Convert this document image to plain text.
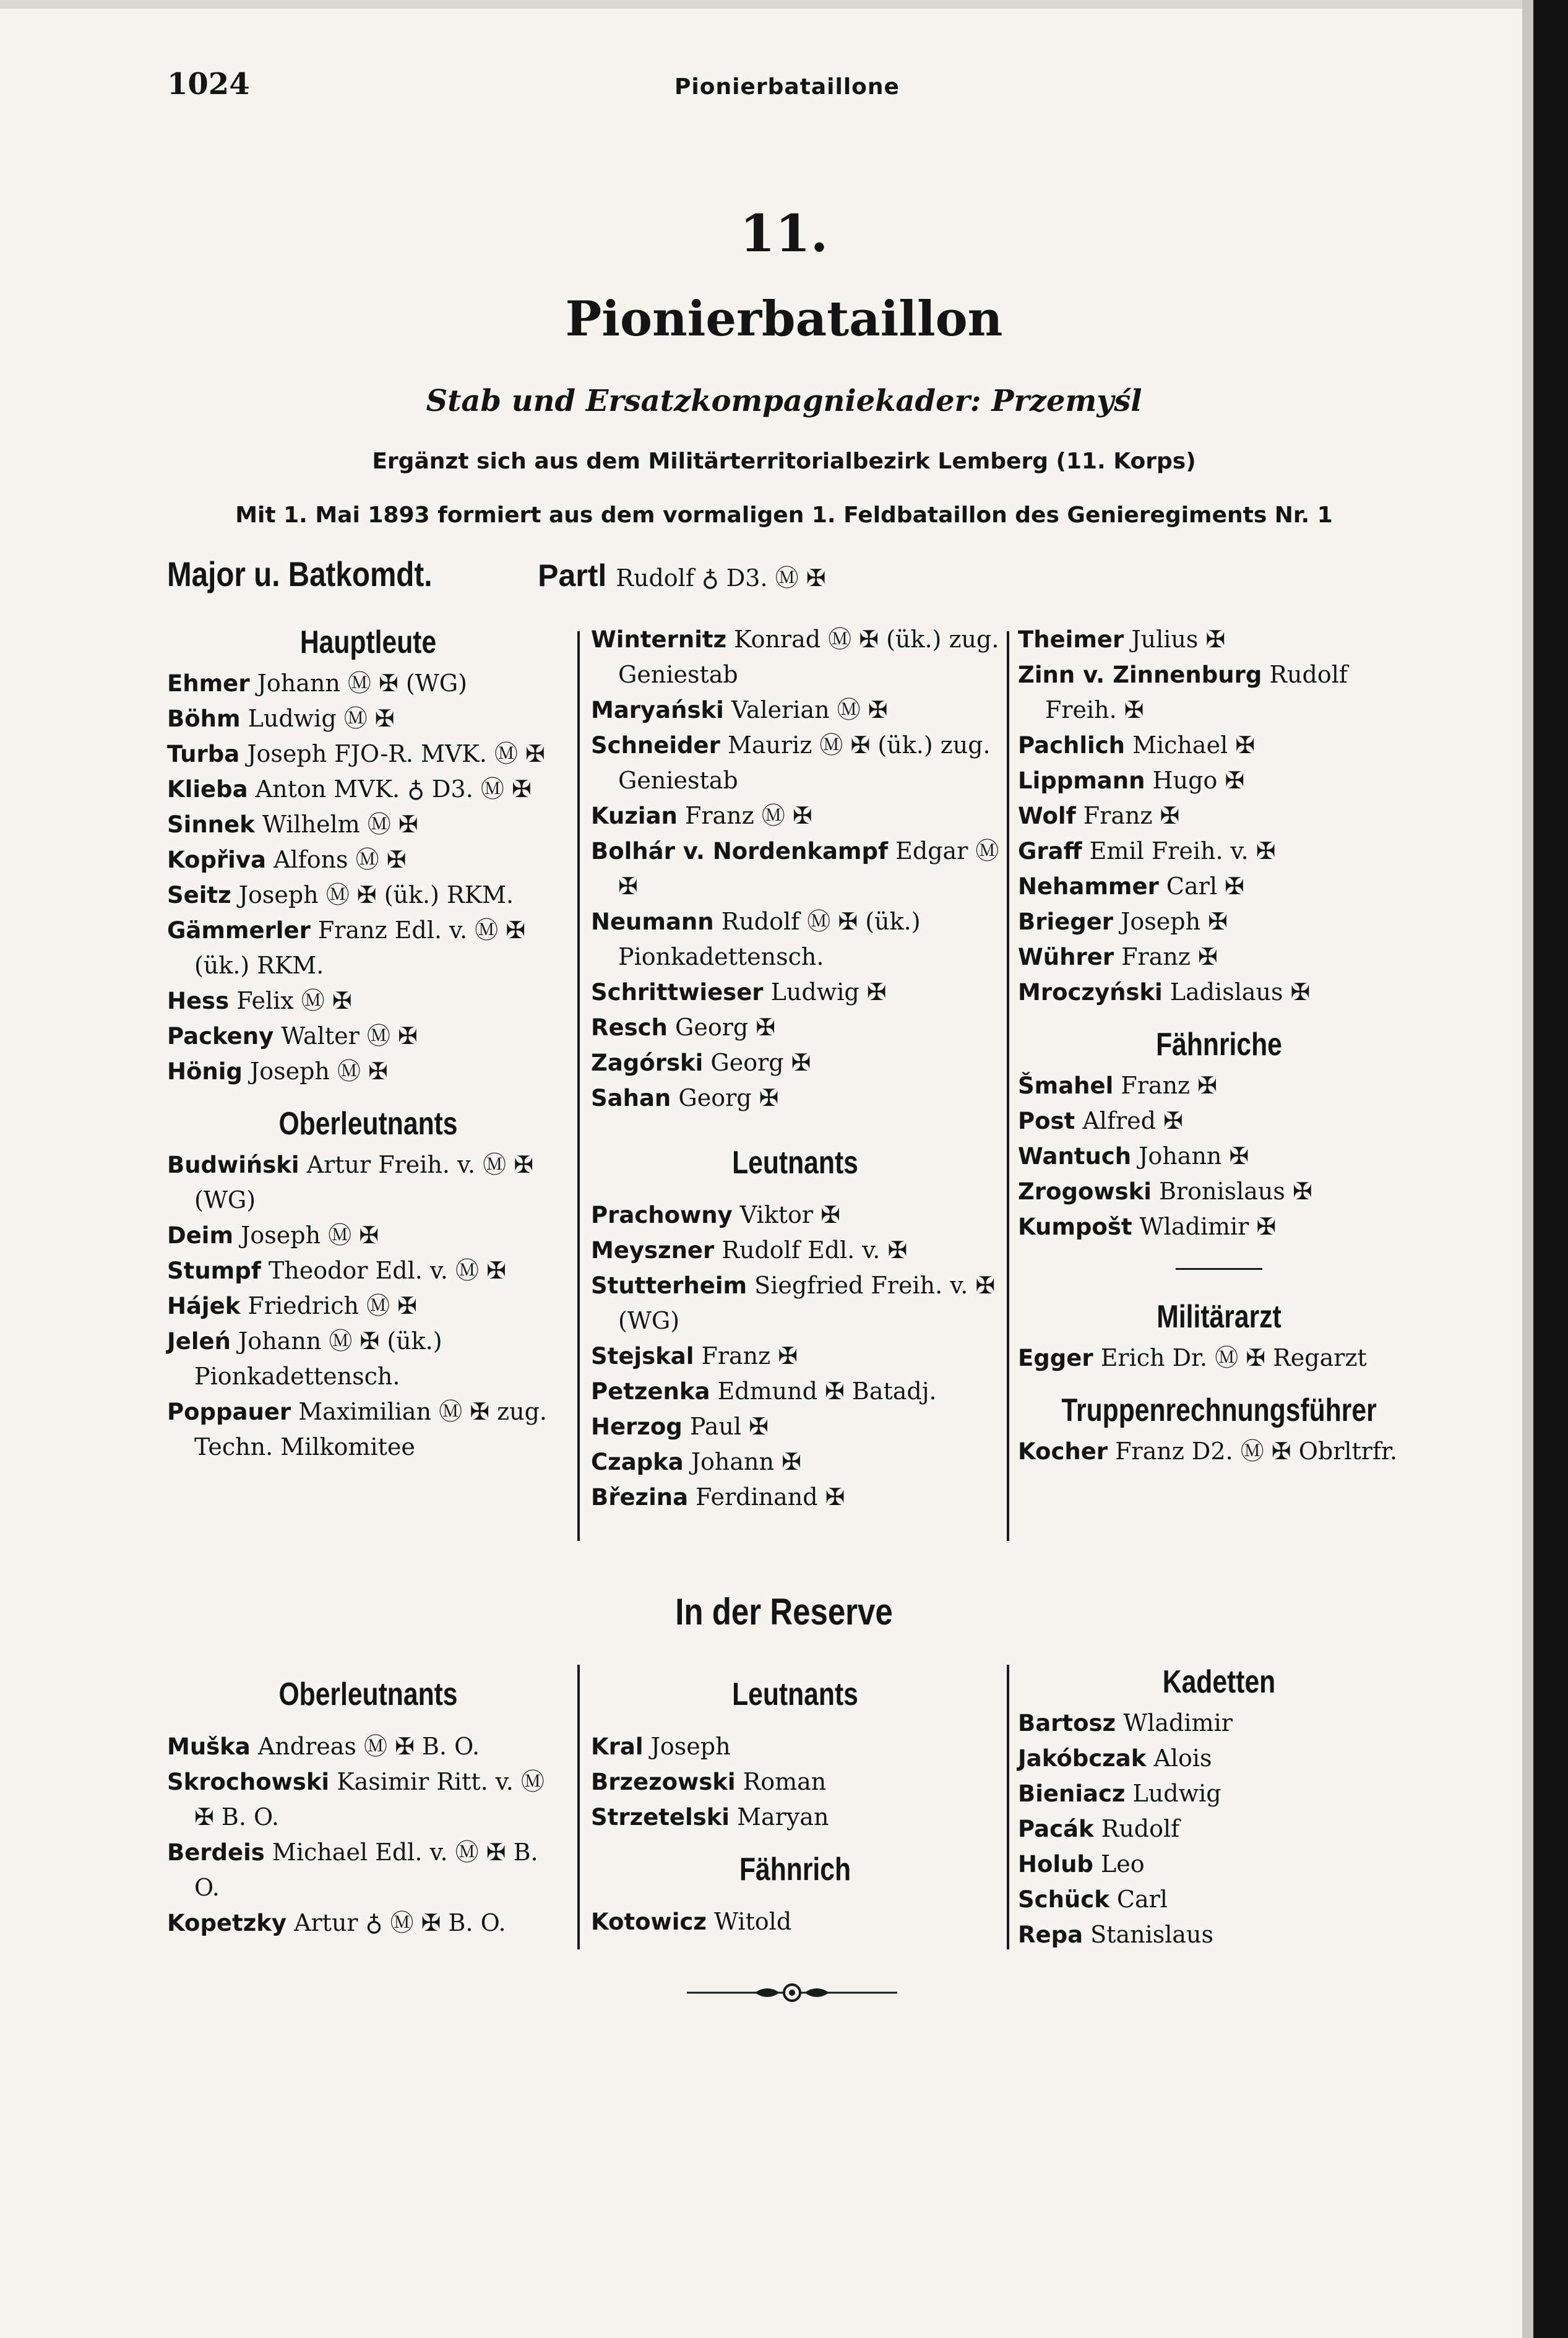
1024	Pionierbataillone
11.
Pionierbataillon
Stab und Ersatzkompagniekader: Przemyśl
Ergänzt sich aus dem Militärterritorialbezirk Lemberg (11. Korps)
Mit 1. Mai 1893 formiert aus dem vormaligen 1. Feldbataillon des Genieregiments Nr. 1
Major u. Batkomdt.	Partl Rudolf ♁ D3. Ⓜ ✠
Hauptleute

Ehmer Johann Ⓜ ✠ (WG)

Böhm Ludwig Ⓜ ✠

Turba Joseph FJO-R. MVK. Ⓜ ✠

Klieba Anton MVK. ♁ D3. Ⓜ ✠

Sinnek Wilhelm Ⓜ ✠

Kopřiva Alfons Ⓜ ✠

Seitz Joseph Ⓜ ✠ (ük.) RKM.

Gämmerler Franz Edl. v. Ⓜ ✠ (ük.) RKM.

Hess Felix Ⓜ ✠

Packeny Walter Ⓜ ✠

Hönig Joseph Ⓜ ✠

Oberleutnants

Budwiński Artur Freih. v. Ⓜ ✠ (WG)

Deim Joseph Ⓜ ✠

Stumpf Theodor Edl. v. Ⓜ ✠

Hájek Friedrich Ⓜ ✠

Jeleń Johann Ⓜ ✠ (ük.) Pionkadettensch.

Poppauer Maximilian Ⓜ ✠ zug. Techn. Milkomitee

Winternitz Konrad Ⓜ ✠ (ük.) zug. Geniestab

Maryański Valerian Ⓜ ✠

Schneider Mauriz Ⓜ ✠ (ük.) zug. Geniestab

Kuzian Franz Ⓜ ✠

Bolhár v. Nordenkampf Edgar Ⓜ ✠

Neumann Rudolf Ⓜ ✠ (ük.) Pionkadettensch.

Schrittwieser Ludwig ✠

Resch Georg ✠

Zagórski Georg ✠

Sahan Georg ✠

Leutnants

Prachowny Viktor ✠

Meyszner Rudolf Edl. v. ✠

Stutterheim Siegfried Freih. v. ✠ (WG)

Stejskal Franz ✠

Petzenka Edmund ✠ Batadj.

Herzog Paul ✠

Czapka Johann ✠

Březina Ferdinand ✠

Theimer Julius ✠

Zinn v. Zinnenburg Rudolf Freih. ✠

Pachlich Michael ✠

Lippmann Hugo ✠

Wolf Franz ✠

Graff Emil Freih. v. ✠

Nehammer Carl ✠

Brieger Joseph ✠

Wührer Franz ✠

Mroczyński Ladislaus ✠

Fähnriche

Šmahel Franz ✠

Post Alfred ✠

Wantuch Johann ✠

Zrogowski Bronislaus ✠

Kumpošt Wladimir ✠

Militärarzt

Egger Erich Dr. Ⓜ ✠ Regarzt

Truppenrechnungsführer

Kocher Franz D2. Ⓜ ✠ Obrltrfr.

In der Reserve
Oberleutnants

Muška Andreas Ⓜ ✠ B. O.

Skrochowski Kasimir Ritt. v. Ⓜ ✠ B. O.

Berdeis Michael Edl. v. Ⓜ ✠ B. O.

Kopetzky Artur ♁ Ⓜ ✠ B. O.

Leutnants

Kral Joseph

Brzezowski Roman

Strzetelski Maryan

Fähnrich

Kotowicz Witold

Kadetten

Bartosz Wladimir

Jakóbczak Alois

Bieniacz Ludwig

Pacák Rudolf

Holub Leo

Schück Carl

Repa Stanislaus
